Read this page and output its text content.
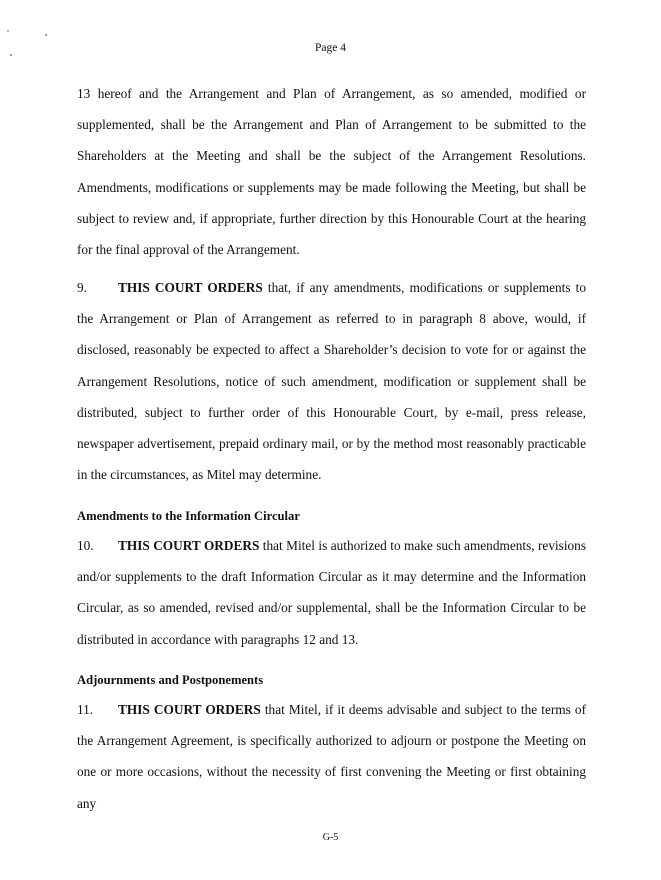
Page 4

13 hereof and the Arrangement and Plan of Arrangement, as so amended, modified or supplemented, shall be the Arrangement and Plan of Arrangement to be submitted to the Shareholders at the Meeting and shall be the subject of the Arrangement Resolutions. Amendments, modifications or supplements may be made following the Meeting, but shall be subject to review and, if appropriate, further direction by this Honourable Court at the hearing for the final approval of the Arrangement.

9. THIS COURT ORDERS that, if any amendments, modifications or supplements to the Arrangement or Plan of Arrangement as referred to in paragraph 8 above, would, if disclosed, reasonably be expected to affect a Shareholder’s decision to vote for or against the Arrangement Resolutions, notice of such amendment, modification or supplement shall be distributed, subject to further order of this Honourable Court, by e-mail, press release, newspaper advertisement, prepaid ordinary mail, or by the method most reasonably practicable in the circumstances, as Mitel may determine.

Amendments to the Information Circular

10. THIS COURT ORDERS that Mitel is authorized to make such amendments, revisions and/or supplements to the draft Information Circular as it may determine and the Information Circular, as so amended, revised and/or supplemental, shall be the Information Circular to be distributed in accordance with paragraphs 12 and 13.

Adjournments and Postponements

11. THIS COURT ORDERS that Mitel, if it deems advisable and subject to the terms of the Arrangement Agreement, is specifically authorized to adjourn or postpone the Meeting on one or more occasions, without the necessity of first convening the Meeting or first obtaining any

G-5
